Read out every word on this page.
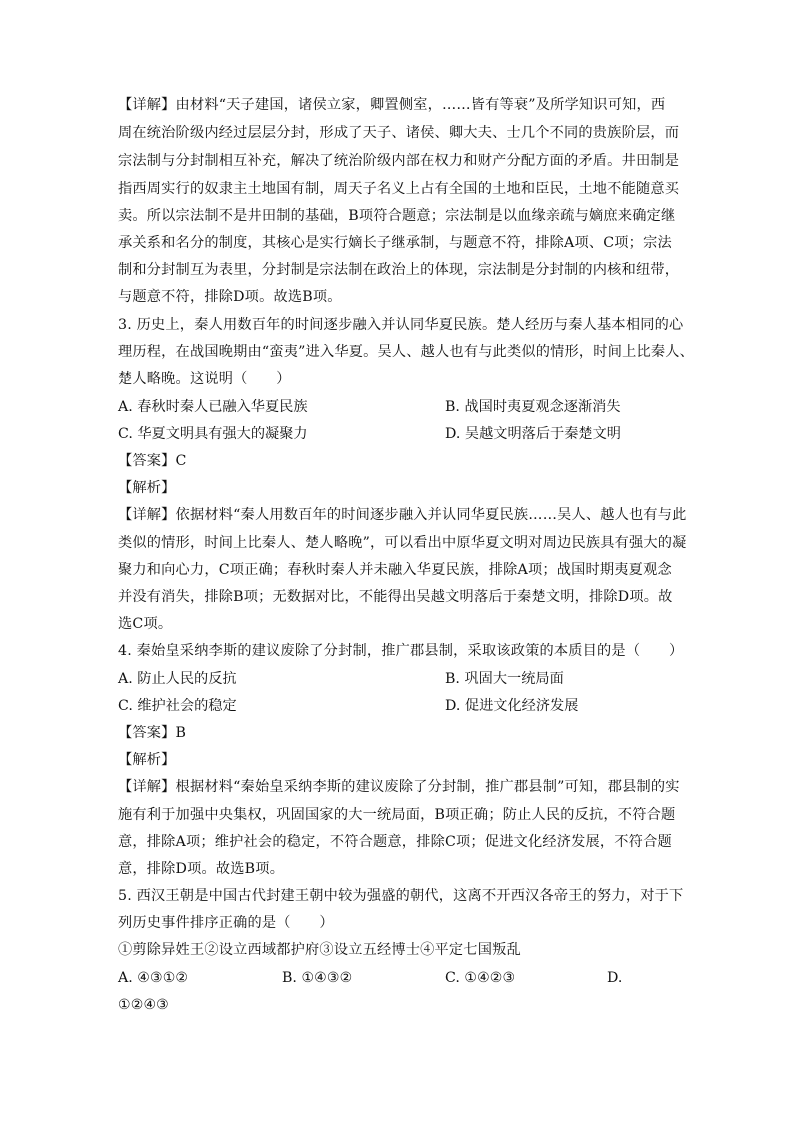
【详解】由材料“天子建国，诸侯立家，卿置侧室，……皆有等衰”及所学知识可知，西
周在统治阶级内经过层层分封，形成了天子、诸侯、卿大夫、士几个不同的贵族阶层，而
宗法制与分封制相互补充，解决了统治阶级内部在权力和财产分配方面的矛盾。井田制是
指西周实行的奴隶主土地国有制，周天子名义上占有全国的土地和臣民，土地不能随意买
卖。所以宗法制不是井田制的基础，B项符合题意；宗法制是以血缘亲疏与嫡庶来确定继
承关系和名分的制度，其核心是实行嫡长子继承制，与题意不符，排除A项、C项；宗法
制和分封制互为表里，分封制是宗法制在政治上的体现，宗法制是分封制的内核和纽带，
与题意不符，排除D项。故选B项。
3. 历史上，秦人用数百年的时间逐步融入并认同华夏民族。楚人经历与秦人基本相同的心
理历程，在战国晚期由“蛮夷”进入华夏。吴人、越人也有与此类似的情形，时间上比秦人、
楚人略晚。这说明（　　）
A. 春秋时秦人已融入华夏民族	B. 战国时夷夏观念逐渐消失
C. 华夏文明具有强大的凝聚力	D. 吴越文明落后于秦楚文明
【答案】C
【解析】
【详解】依据材料“秦人用数百年的时间逐步融入并认同华夏民族……吴人、越人也有与此
类似的情形，时间上比秦人、楚人略晚”，可以看出中原华夏文明对周边民族具有强大的凝
聚力和向心力，C项正确；春秋时秦人并未融入华夏民族，排除A项；战国时期夷夏观念
并没有消失，排除B项；无数据对比，不能得出吴越文明落后于秦楚文明，排除D项。故
选C项。
4. 秦始皇采纳李斯的建议废除了分封制，推广郡县制，采取该政策的本质目的是（　　）
A. 防止人民的反抗	B. 巩固大一统局面
C. 维护社会的稳定	D. 促进文化经济发展
【答案】B
【解析】
【详解】根据材料“秦始皇采纳李斯的建议废除了分封制，推广郡县制”可知，郡县制的实
施有利于加强中央集权，巩固国家的大一统局面，B项正确；防止人民的反抗，不符合题
意，排除A项；维护社会的稳定，不符合题意，排除C项；促进文化经济发展，不符合题
意，排除D项。故选B项。
5. 西汉王朝是中国古代封建王朝中较为强盛的朝代，这离不开西汉各帝王的努力，对于下
列历史事件排序正确的是（　　）
①剪除异姓王②设立西域都护府③设立五经博士④平定七国叛乱
A. ④③①②	B. ①④③②	C. ①④②③	D.
①②④③
